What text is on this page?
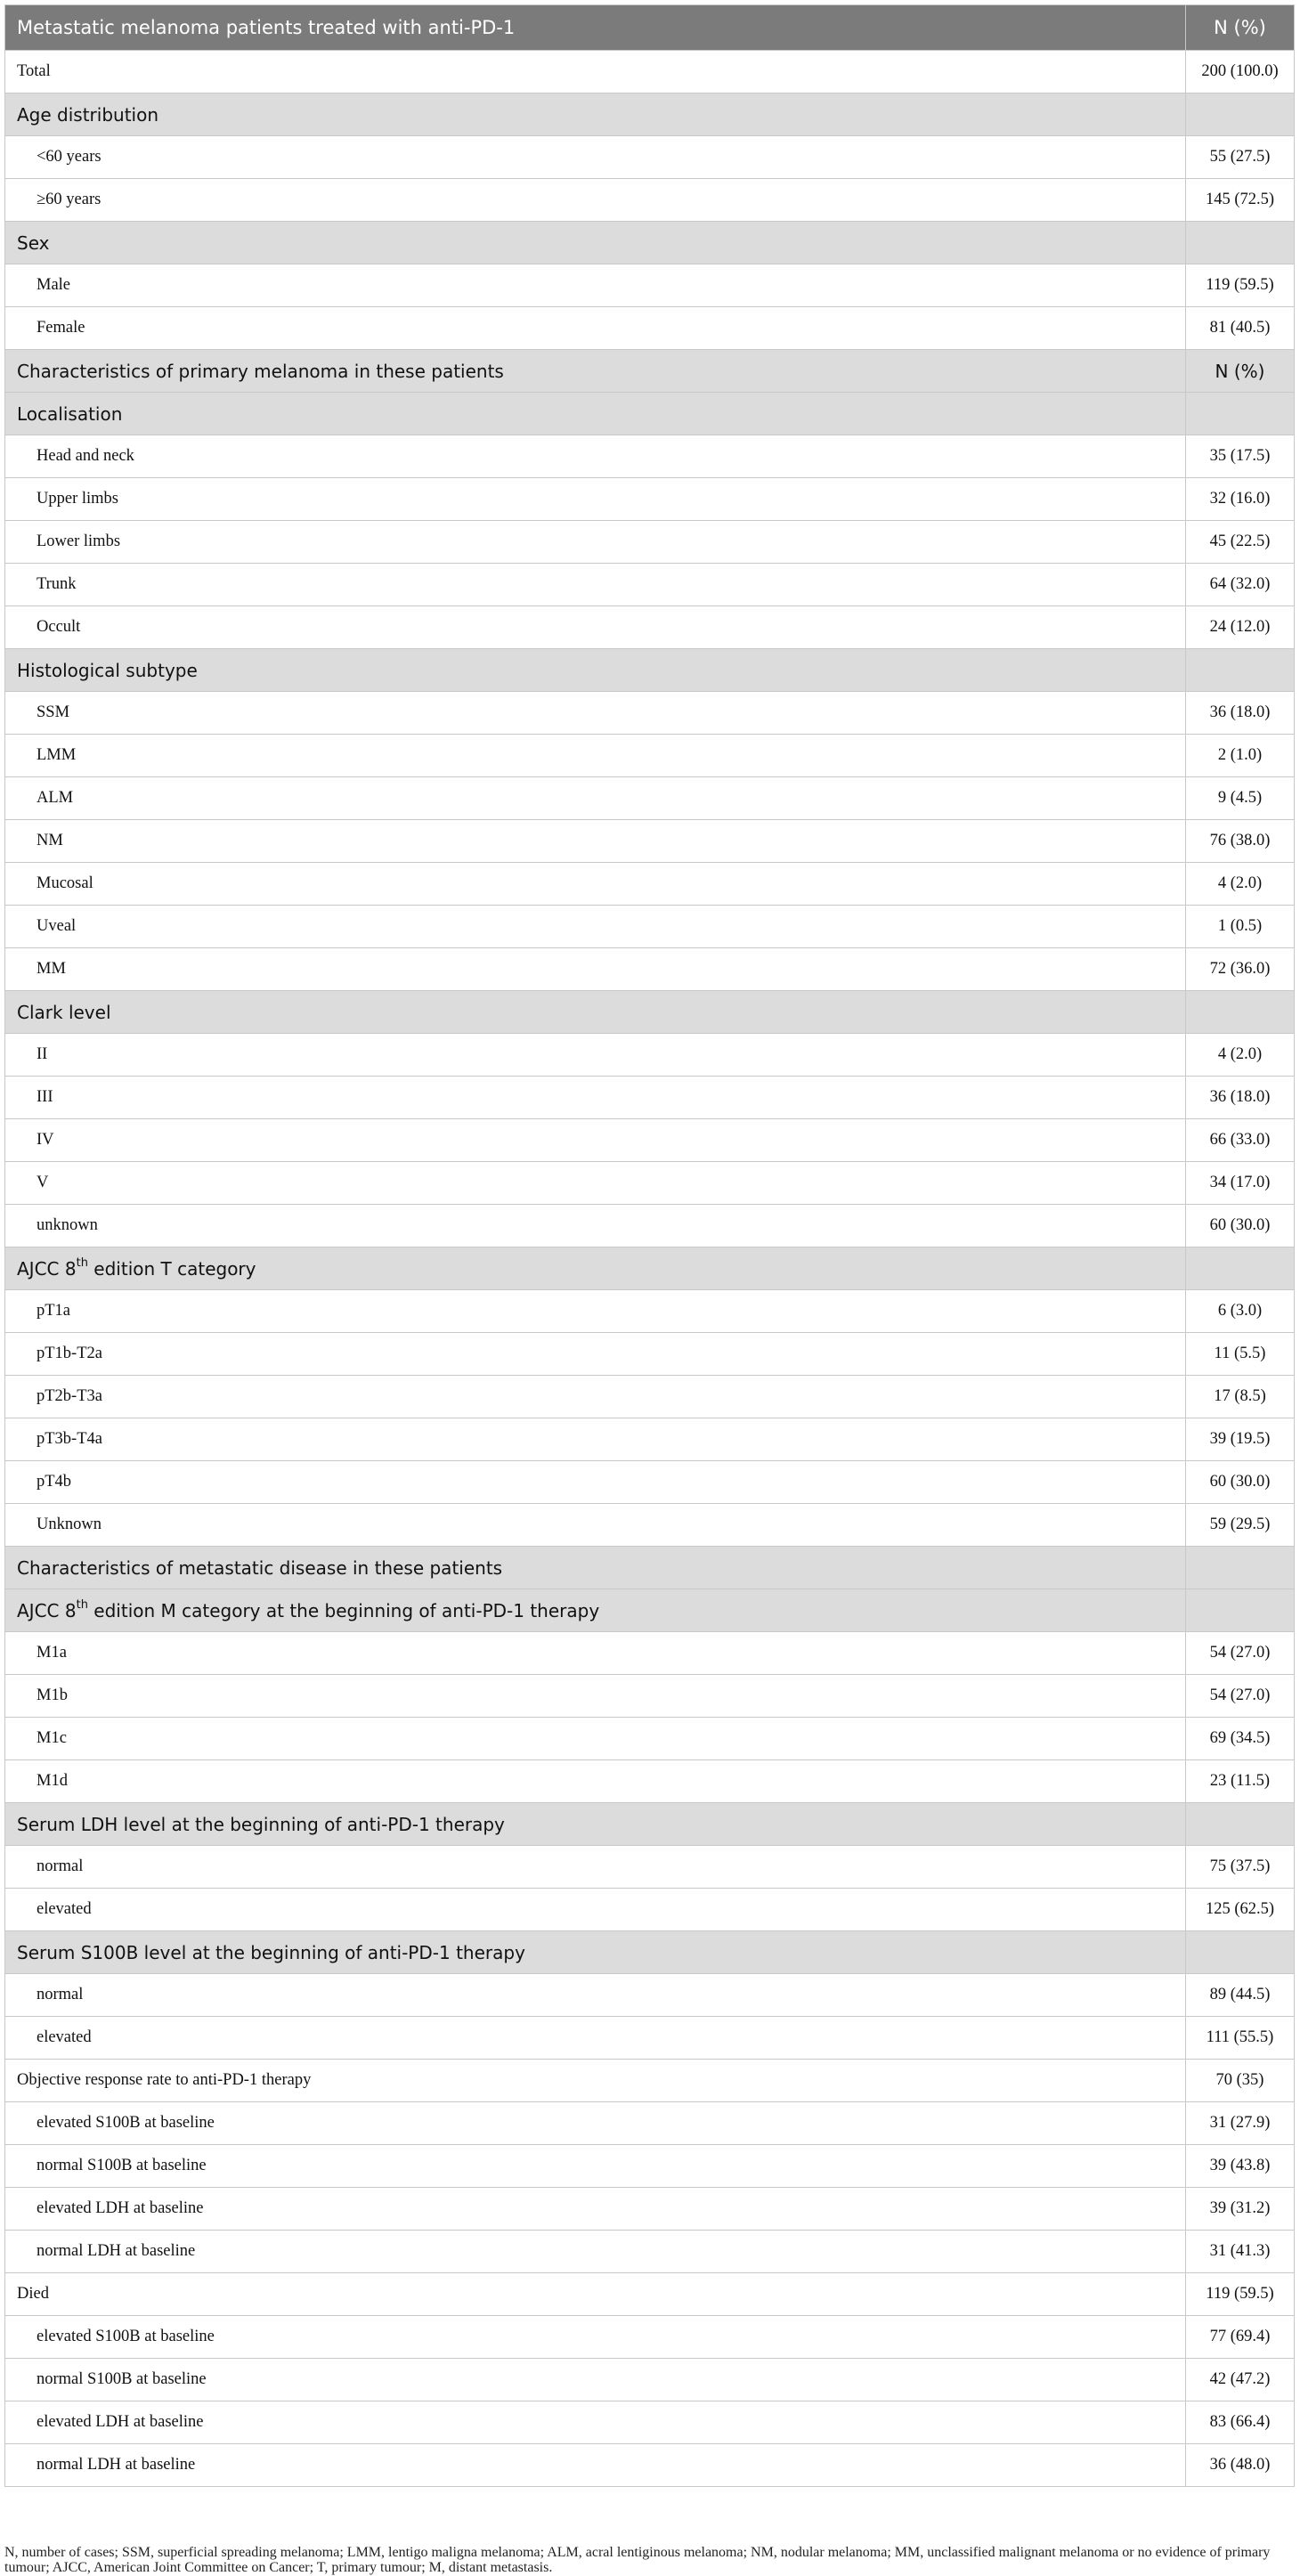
Metastatic melanoma patients treated with anti-PD-1	N (%)
Total	200 (100.0)
Age distribution	
<60 years	55 (27.5)
≥60 years	145 (72.5)
Sex	
Male	119 (59.5)
Female	81 (40.5)
Characteristics of primary melanoma in these patients	N (%)
Localisation	
Head and neck	35 (17.5)
Upper limbs	32 (16.0)
Lower limbs	45 (22.5)
Trunk	64 (32.0)
Occult	24 (12.0)
Histological subtype	
SSM	36 (18.0)
LMM	2 (1.0)
ALM	9 (4.5)
NM	76 (38.0)
Mucosal	4 (2.0)
Uveal	1 (0.5)
MM	72 (36.0)
Clark level	
II	4 (2.0)
III	36 (18.0)
IV	66 (33.0)
V	34 (17.0)
unknown	60 (30.0)
AJCC 8th edition T category	
pT1a	6 (3.0)
pT1b-T2a	11 (5.5)
pT2b-T3a	17 (8.5)
pT3b-T4a	39 (19.5)
pT4b	60 (30.0)
Unknown	59 (29.5)
Characteristics of metastatic disease in these patients	
AJCC 8th edition M category at the beginning of anti-PD-1 therapy	
M1a	54 (27.0)
M1b	54 (27.0)
M1c	69 (34.5)
M1d	23 (11.5)
Serum LDH level at the beginning of anti-PD-1 therapy	
normal	75 (37.5)
elevated	125 (62.5)
Serum S100B level at the beginning of anti-PD-1 therapy	
normal	89 (44.5)
elevated	111 (55.5)
Objective response rate to anti-PD-1 therapy	70 (35)
elevated S100B at baseline	31 (27.9)
normal S100B at baseline	39 (43.8)
elevated LDH at baseline	39 (31.2)
normal LDH at baseline	31 (41.3)
Died	119 (59.5)
elevated S100B at baseline	77 (69.4)
normal S100B at baseline	42 (47.2)
elevated LDH at baseline	83 (66.4)
normal LDH at baseline	36 (48.0)
N, number of cases; SSM, superficial spreading melanoma; LMM, lentigo maligna melanoma; ALM, acral lentiginous melanoma; NM, nodular melanoma; MM, unclassified malignant melanoma or no evidence of primary tumour; AJCC, American Joint Committee on Cancer; T, primary tumour; M, distant metastasis.
